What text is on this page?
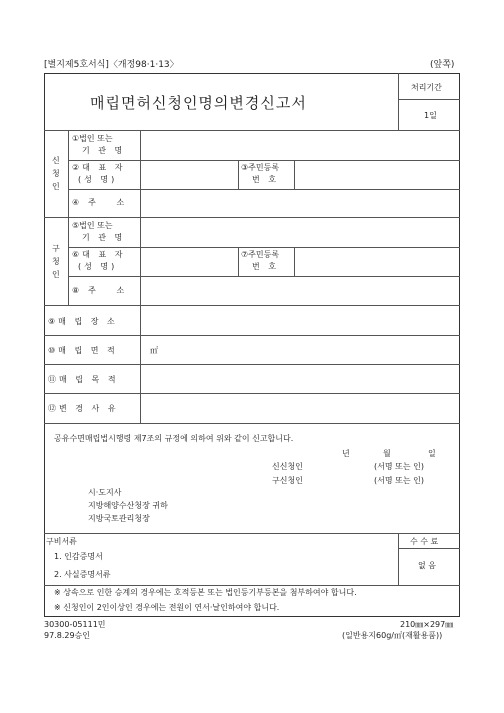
[별지제5호서식]〈개정98·1·13〉	(앞쪽)
매립면허신청인명의변경신고서
처리기간
1일
신청인
①법인 또는
기 관 명
②대 표 자
(성 명)
③주민등록
번 호
④주 소
구청인
⑤법인 또는
기 관 명
⑥대 표 자
(성 명)
⑦주민등록
번 호
⑧주 소
⑨매 립 장 소
⑩매 립 면 적	㎡
⑪매 립 목 적
⑫변 경 사 유
공유수면매립법시행령 제7조의 규정에 의하여 위와 같이 신고합니다.
년	월	일
신신청인	(서명 또는 인)
구신청인	(서명 또는 인)
시·도지사
지방해양수산청장 귀하
지방국토관리청장
구비서류
1. 인감증명서
2. 사실증명서류
수 수 료
없 음
※ 상속으로 인한 승계의 경우에는 호적등본 또는 법인등기부등본을 첨부하여야 합니다.
※ 신청인이 2인이상인 경우에는 전원이 연서·날인하여야 합니다.
30300-05111민
97.8.29승인
210㎜×297㎜
(일반용지60g/㎡(재활용품))
